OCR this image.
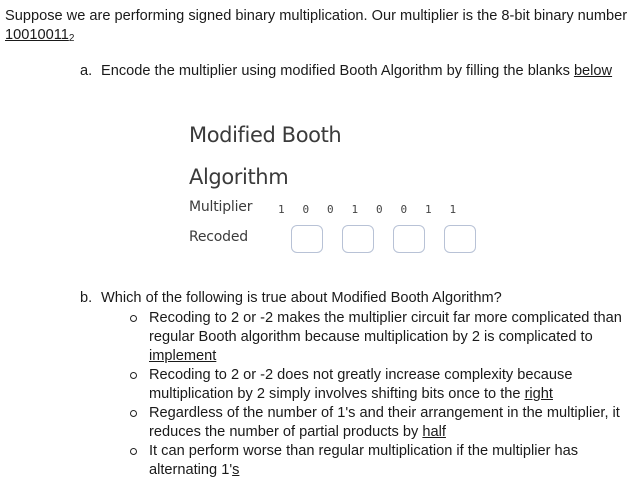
Suppose we are performing signed binary multiplication. Our multiplier is the 8-bit binary number $10010011_2$
a. Encode the multiplier using modified Booth Algorithm by filling the blanks below
Modified Booth
Algorithm
Multiplier 1	0	0	1	0	0	1	1
Recoded
b. Which of the following is true about Modified Booth Algorithm?
Recoding to 2 or -2 makes the multiplier circuit far more complicated than regular Booth algorithm because multiplication by 2 is complicated to implement
Recoding to 2 or -2 does not greatly increase complexity because multiplication by 2 simply involves shifting bits once to the right
Regardless of the number of 1's and their arrangement in the multiplier, it reduces the number of partial products by half
It can perform worse than regular multiplication if the multiplier has alternating 1's
